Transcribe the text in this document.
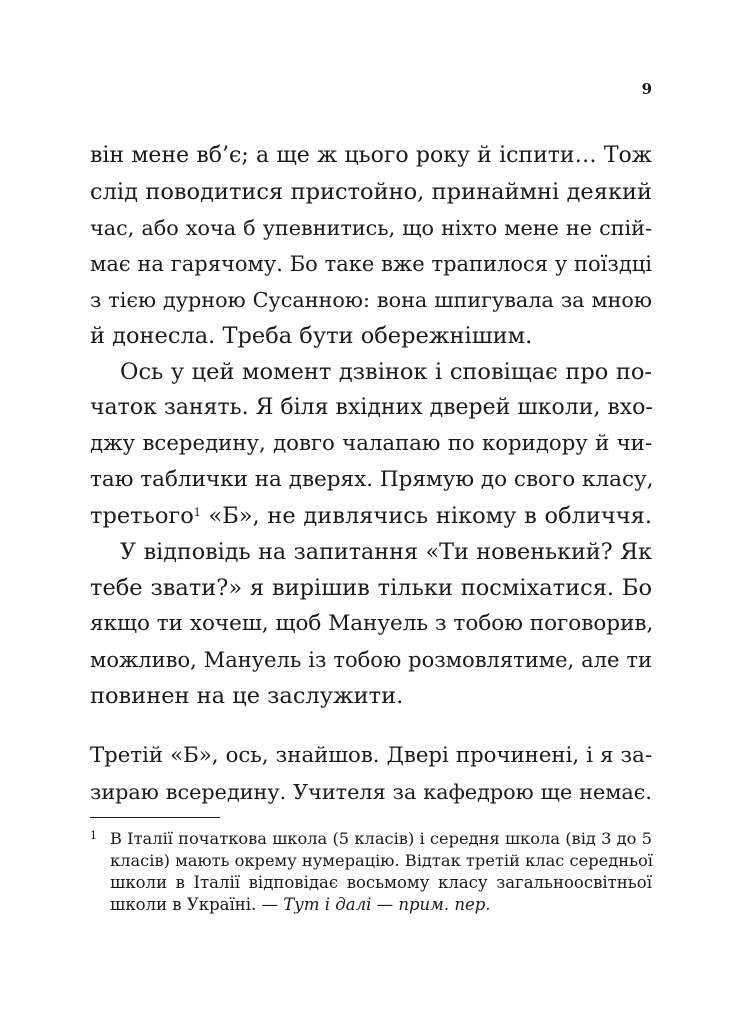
9
він мене вб’є; а ще ж цього року й іспити… Тож
слід поводитися пристойно, принаймні деякий
час, або хоча б упевнитись, що ніхто мене не спій-
має на гарячому. Бо таке вже трапилося у поїздці
з тією дурною Сусанною: вона шпигувала за мною
й донесла. Треба бути обережнішим.
Ось у цей момент дзвінок і сповіщає про по-
чаток занять. Я біля вхідних дверей школи, вхо-
джу всередину, довго чалапаю по коридору й чи-
таю таблички на дверях. Прямую до свого класу,
третього$^1$ «Б», не дивлячись нікому в обличчя.
У відповідь на запитання «Ти новенький? Як
тебе звати?» я вирішив тільки посміхатися. Бо
якщо ти хочеш, щоб Мануель з тобою поговорив,
можливо, Мануель із тобою розмовлятиме, але ти
повинен на це заслужити.
Третій «Б», ось, знайшов. Двері прочинені, і я за-
зираю всередину. Учителя за кафедрою ще немає.
1 В Італії початкова школа (5 класів) і середня школа (від 3 до 5
класів) мають окрему нумерацію. Відтак третій клас середньої
школи в Італії відповідає восьмому класу загальноосвітньої
школи в Україні. — Тут і далі — прим. пер.
